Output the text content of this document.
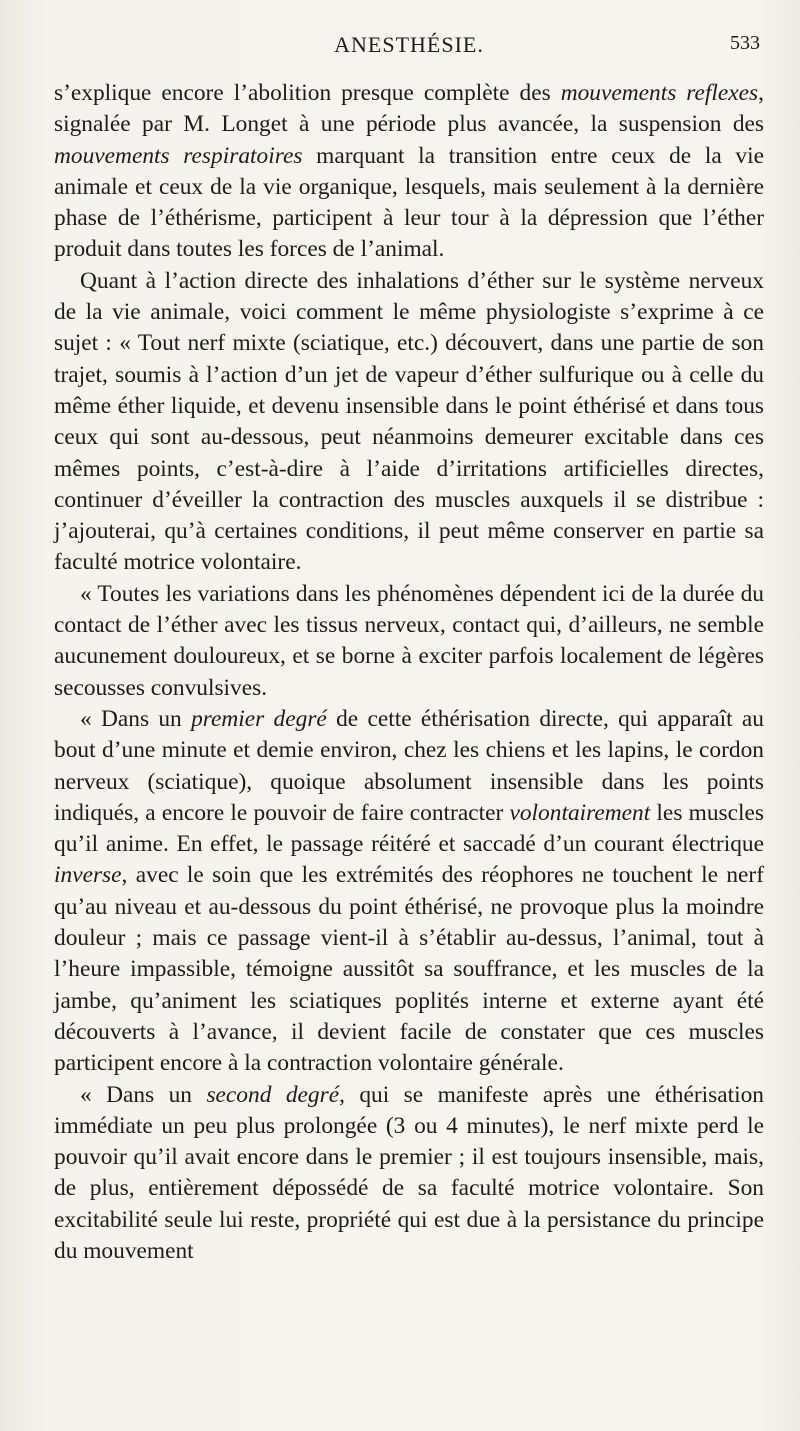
ANESTHÉSIE.	533

s’explique encore l’abolition presque complète des mouvements reflexes, signalée par M. Longet à une période plus avancée, la suspension des mouvements respiratoires marquant la transition entre ceux de la vie animale et ceux de la vie organique, lesquels, mais seulement à la dernière phase de l’éthérisme, participent à leur tour à la dépression que l’éther produit dans toutes les forces de l’animal.

Quant à l’action directe des inhalations d’éther sur le système nerveux de la vie animale, voici comment le même physiologiste s’exprime à ce sujet : « Tout nerf mixte (sciatique, etc.) découvert, dans une partie de son trajet, soumis à l’action d’un jet de vapeur d’éther sulfurique ou à celle du même éther liquide, et devenu insensible dans le point éthérisé et dans tous ceux qui sont au-dessous, peut néanmoins demeurer excitable dans ces mêmes points, c’est-à-dire à l’aide d’irritations artificielles directes, continuer d’éveiller la contraction des muscles auxquels il se distribue : j’ajouterai, qu’à certaines conditions, il peut même conserver en partie sa faculté motrice volontaire.

« Toutes les variations dans les phénomènes dépendent ici de la durée du contact de l’éther avec les tissus nerveux, contact qui, d’ailleurs, ne semble aucunement douloureux, et se borne à exciter parfois localement de légères secousses convulsives.

« Dans un premier degré de cette éthérisation directe, qui apparaît au bout d’une minute et demie environ, chez les chiens et les lapins, le cordon nerveux (sciatique), quoique absolument insensible dans les points indiqués, a encore le pouvoir de faire contracter volontairement les muscles qu’il anime. En effet, le passage réitéré et saccadé d’un courant électrique inverse, avec le soin que les extrémités des réophores ne touchent le nerf qu’au niveau et au-dessous du point éthérisé, ne provoque plus la moindre douleur ; mais ce passage vient-il à s’établir au-dessus, l’animal, tout à l’heure impassible, témoigne aussitôt sa souffrance, et les muscles de la jambe, qu’animent les sciatiques poplités interne et externe ayant été découverts à l’avance, il devient facile de constater que ces muscles participent encore à la contraction volontaire générale.

« Dans un second degré, qui se manifeste après une éthérisation immédiate un peu plus prolongée (3 ou 4 minutes), le nerf mixte perd le pouvoir qu’il avait encore dans le premier ; il est toujours insensible, mais, de plus, entièrement dépossédé de sa faculté motrice volontaire. Son excitabilité seule lui reste, propriété qui est due à la persistance du principe du mouvement
